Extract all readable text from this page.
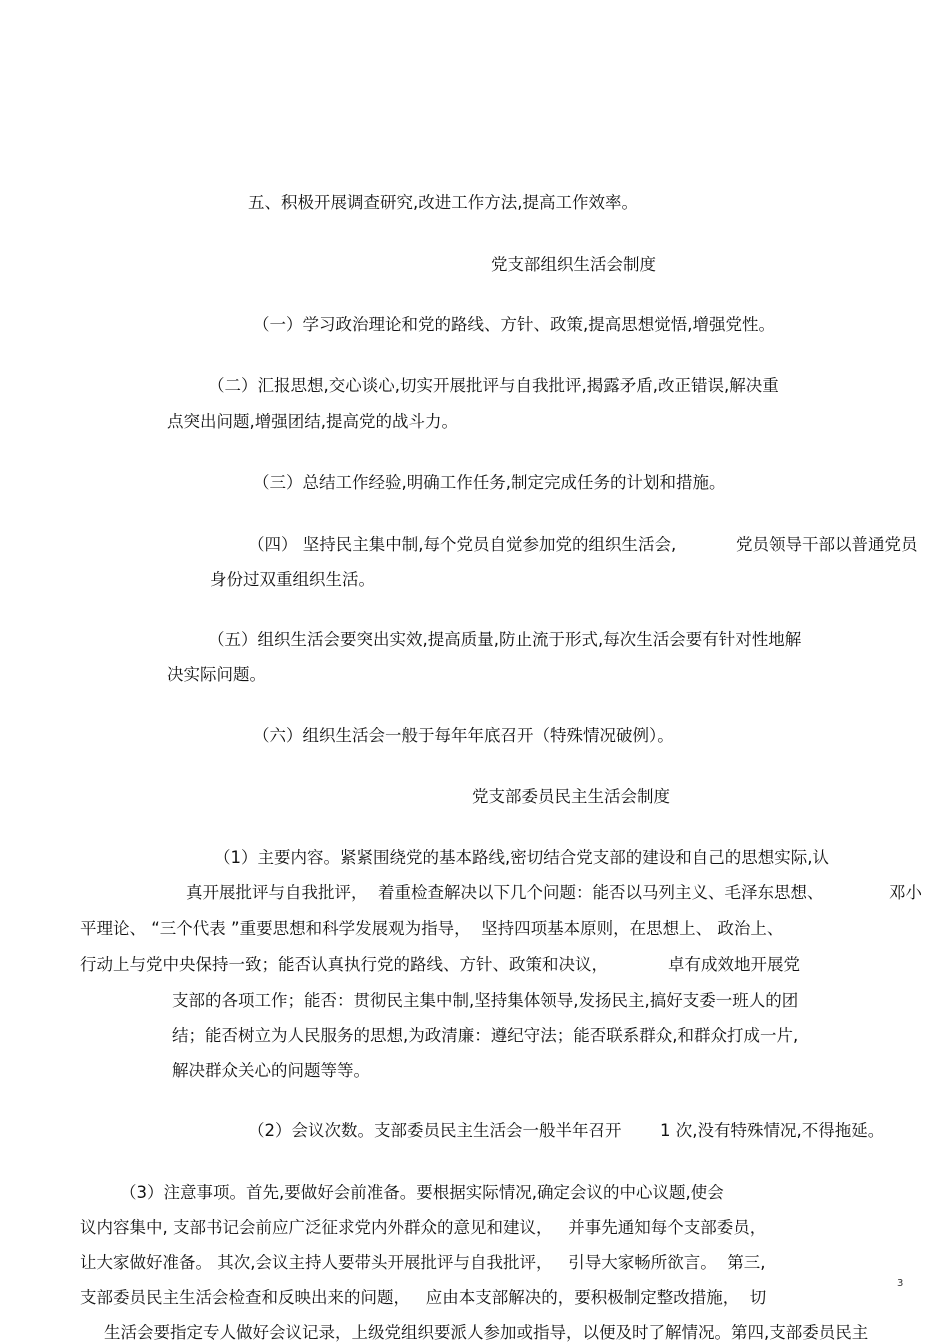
五、积极开展调查研究,改进工作方法,提高工作效率。
党支部组织生活会制度
（一）学习政治理论和党的路线、方针、政策,提高思想觉悟,增强党性。
（二）汇报思想,交心谈心,切实开展批评与自我批评,揭露矛盾,改正错误,解决重
点突出问题,增强团结,提高党的战斗力。
（三）总结工作经验,明确工作任务,制定完成任务的计划和措施。
（四） 坚持民主集中制,每个党员自觉参加党的组织生活会,	党员领导干部以普通党员
身份过双重组织生活。
（五）组织生活会要突出实效,提高质量,防止流于形式,每次生活会要有针对性地解
决实际问题。
（六）组织生活会一般于每年年底召开（特殊情况破例）。
党支部委员民主生活会制度
（1）主要内容。紧紧围绕党的基本路线,密切结合党支部的建设和自己的思想实际,认
真开展批评与自我批评，  着重检查解决以下几个问题：能否以马列主义、毛泽东思想、	邓小
平理论、 “三个代表 ”重要思想和科学发展观为指导，  坚持四项基本原则，在思想上、 政治上、
行动上与党中央保持一致；能否认真执行党的路线、方针、政策和决议，	卓有成效地开展党
支部的各项工作；能否：贯彻民主集中制,坚持集体领导,发扬民主,搞好支委一班人的团
结；能否树立为人民服务的思想,为政清廉：遵纪守法；能否联系群众,和群众打成一片,
解决群众关心的问题等等。
（2）会议次数。支部委员民主生活会一般半年召开 1 次,没有特殊情况,不得拖延。
（3）注意事项。首先,要做好会前准备。要根据实际情况,确定会议的中心议题,使会
议内容集中, 支部书记会前应广泛征求党内外群众的意见和建议，   并事先通知每个支部委员，
让大家做好准备。 其次,会议主持人要带头开展批评与自我批评，   引导大家畅所欲言。  第三,
支部委员民主生活会检查和反映出来的问题，   应由本支部解决的，要积极制定整改措施，  切
生活会要指定专人做好会议记录，上级党组织要派人参加或指导，以便及时了解情况。第四,支部委员民主
3
